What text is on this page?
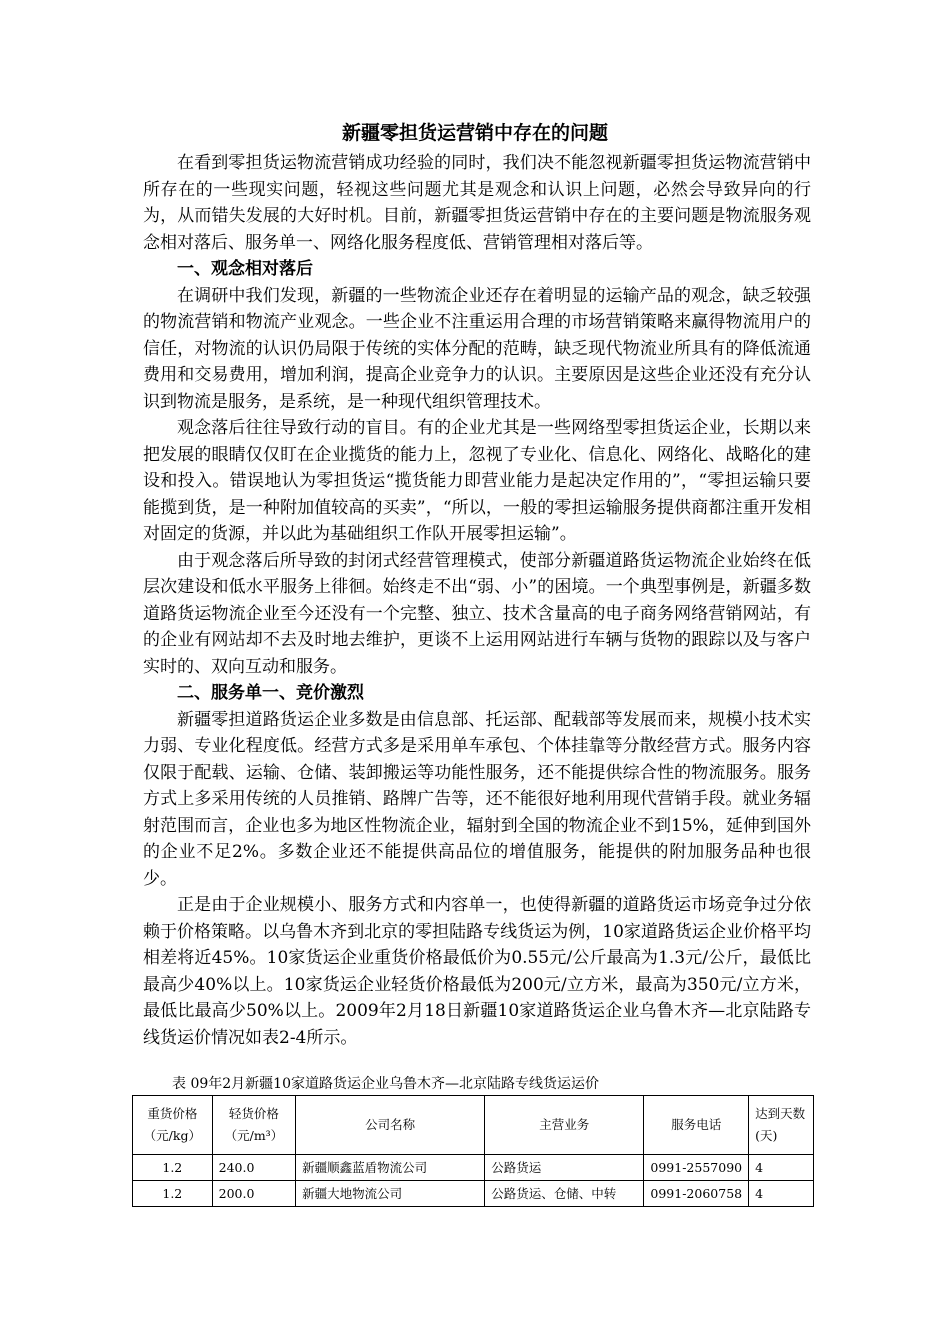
新疆零担货运营销中存在的问题

在看到零担货运物流营销成功经验的同时，我们决不能忽视新疆零担货运物流营销中所存在的一些现实问题，轻视这些问题尤其是观念和认识上问题，必然会导致异向的行为，从而错失发展的大好时机。目前，新疆零担货运营销中存在的主要问题是物流服务观念相对落后、服务单一、网络化服务程度低、营销管理相对落后等。

一、观念相对落后

在调研中我们发现，新疆的一些物流企业还存在着明显的运输产品的观念，缺乏较强的物流营销和物流产业观念。一些企业不注重运用合理的市场营销策略来赢得物流用户的信任，对物流的认识仍局限于传统的实体分配的范畴，缺乏现代物流业所具有的降低流通费用和交易费用，增加利润，提高企业竞争力的认识。主要原因是这些企业还没有充分认识到物流是服务，是系统，是一种现代组织管理技术。

观念落后往往导致行动的盲目。有的企业尤其是一些网络型零担货运企业，长期以来把发展的眼睛仅仅盯在企业揽货的能力上，忽视了专业化、信息化、网络化、战略化的建设和投入。错误地认为零担货运“揽货能力即营业能力是起决定作用的”，“零担运输只要能揽到货，是一种附加值较高的买卖”，“所以，一般的零担运输服务提供商都注重开发相对固定的货源，并以此为基础组织工作队开展零担运输”。

由于观念落后所导致的封闭式经营管理模式，使部分新疆道路货运物流企业始终在低层次建设和低水平服务上徘徊。始终走不出“弱、小”的困境。一个典型事例是，新疆多数道路货运物流企业至今还没有一个完整、独立、技术含量高的电子商务网络营销网站，有的企业有网站却不去及时地去维护，更谈不上运用网站进行车辆与货物的跟踪以及与客户实时的、双向互动和服务。

二、服务单一、竞价激烈

新疆零担道路货运企业多数是由信息部、托运部、配载部等发展而来，规模小技术实力弱、专业化程度低。经营方式多是采用单车承包、个体挂靠等分散经营方式。服务内容仅限于配载、运输、仓储、装卸搬运等功能性服务，还不能提供综合性的物流服务。服务方式上多采用传统的人员推销、路牌广告等，还不能很好地利用现代营销手段。就业务辐射范围而言，企业也多为地区性物流企业，辐射到全国的物流企业不到15%，延伸到国外的企业不足2%。多数企业还不能提供高品位的增值服务，能提供的附加服务品种也很少。

正是由于企业规模小、服务方式和内容单一，也使得新疆的道路货运市场竞争过分依赖于价格策略。以乌鲁木齐到北京的零担陆路专线货运为例，10家道路货运企业价格平均相差将近45%。10家货运企业重货价格最低价为0.55元/公斤最高为1.3元/公斤，最低比最高少40%以上。10家货运企业轻货价格最低为200元/立方米，最高为350元/立方米，最低比最高少50%以上。2009年2月18日新疆10家道路货运企业乌鲁木齐—北京陆路专线货运价情况如表2-4所示。

表 09年2月新疆10家道路货运企业乌鲁木齐—北京陆路专线货运运价
重货价格（元/kg）	轻货价格（元/m³）	公司名称	主营业务	服务电话	达到天数(天)
1.2	240.0	新疆顺鑫蓝盾物流公司	公路货运	0991-2557090	4
1.2	200.0	新疆大地物流公司	公路货运、仓储、中转	0991-2060758	4
